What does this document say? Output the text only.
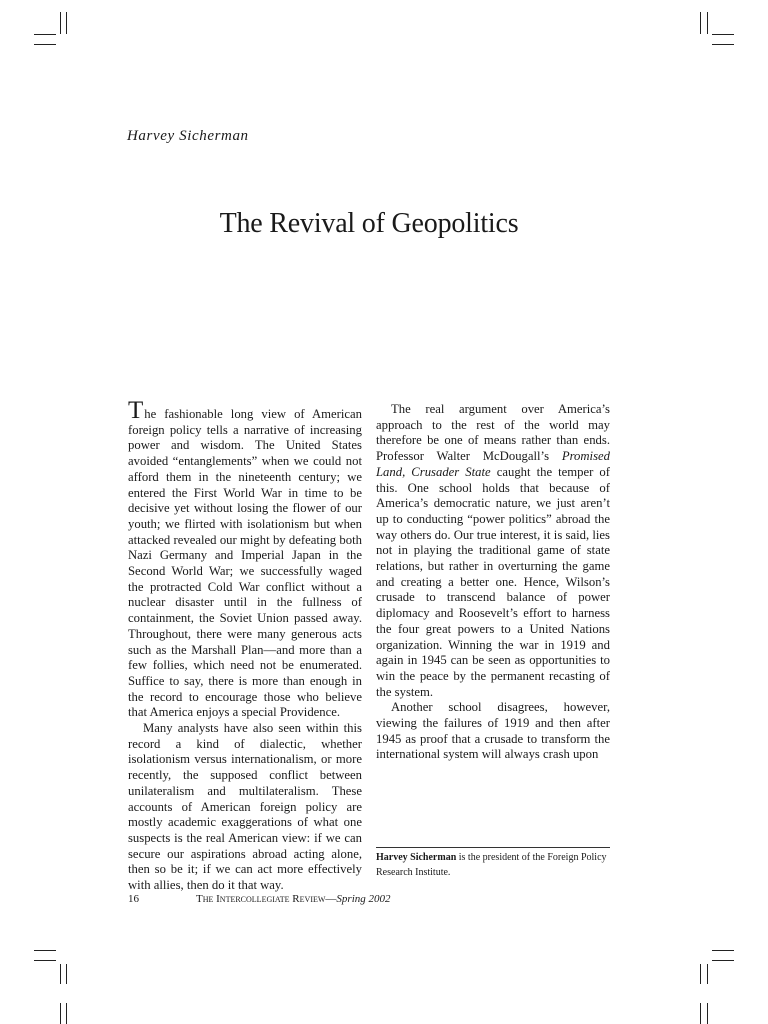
Harvey Sicherman
The Revival of Geopolitics

The fashionable long view of American foreign policy tells a narrative of increasing power and wisdom. The United States avoided “entanglements” when we could not afford them in the nineteenth century; we entered the First World War in time to be decisive yet without losing the flower of our youth; we flirted with isolationism but when attacked revealed our might by defeating both Nazi Germany and Imperial Japan in the Second World War; we successfully waged the protracted Cold War conflict without a nuclear disaster until in the fullness of containment, the Soviet Union passed away. Throughout, there were many generous acts such as the Marshall Plan—and more than a few follies, which need not be enumerated. Suffice to say, there is more than enough in the record to encourage those who believe that America enjoys a special Providence.

Many analysts have also seen within this record a kind of dialectic, whether isolationism versus internationalism, or more recently, the supposed conflict between unilateralism and multilateralism. These accounts of American foreign policy are mostly academic exaggerations of what one suspects is the real American view: if we can secure our aspirations abroad acting alone, then so be it; if we can act more effectively with allies, then do it that way.

The real argument over America’s approach to the rest of the world may therefore be one of means rather than ends. Professor Walter McDougall’s Promised Land, Crusader State caught the temper of this. One school holds that because of America’s democratic nature, we just aren’t up to conducting “power politics” abroad the way others do. Our true interest, it is said, lies not in playing the traditional game of state relations, but rather in overturning the game and creating a better one. Hence, Wilson’s crusade to transcend balance of power diplomacy and Roosevelt’s effort to harness the four great powers to a United Nations organization. Winning the war in 1919 and again in 1945 can be seen as opportunities to win the peace by the permanent recasting of the system.

Another school disagrees, however, viewing the failures of 1919 and then after 1945 as proof that a crusade to transform the international system will always crash upon

Harvey Sicherman is the president of the Foreign Policy Research Institute.
16	The Intercollegiate Review—Spring 2002
